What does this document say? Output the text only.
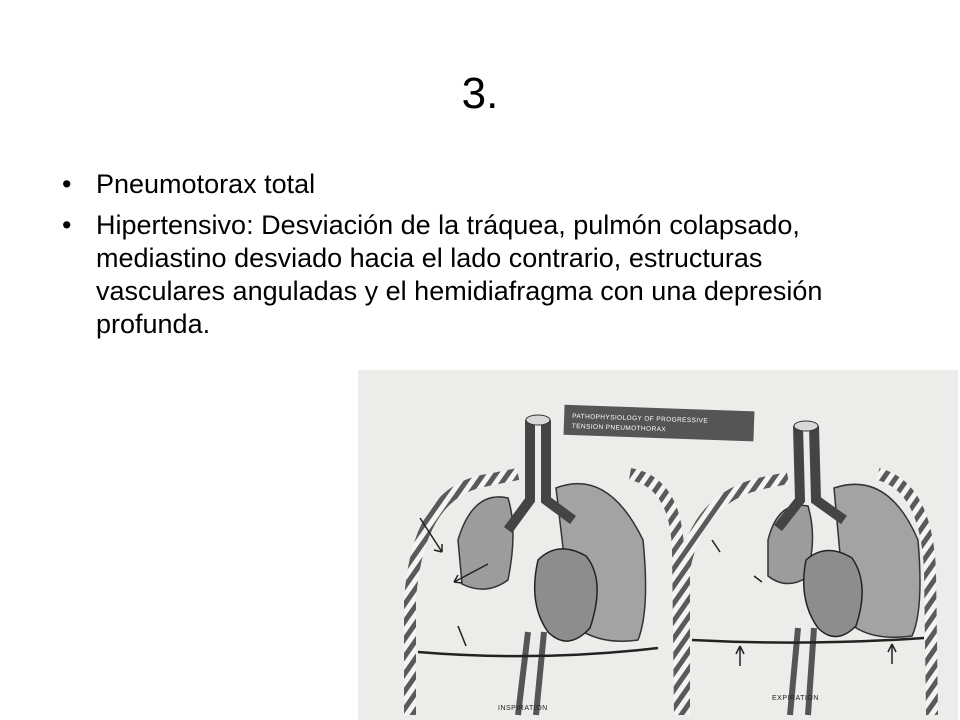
3.
• Pneumotorax total
• Hipertensivo: Desviación de la tráquea, pulmón colapsado, mediastino desviado hacia el lado contrario, estructuras vasculares anguladas y el hemidiafragma con una depresión profunda.
PATHOPHYSIOLOGY OF PROGRESSIVE
TENSION PNEUMOTHORAX
INSPIRATION
EXPIRATION
